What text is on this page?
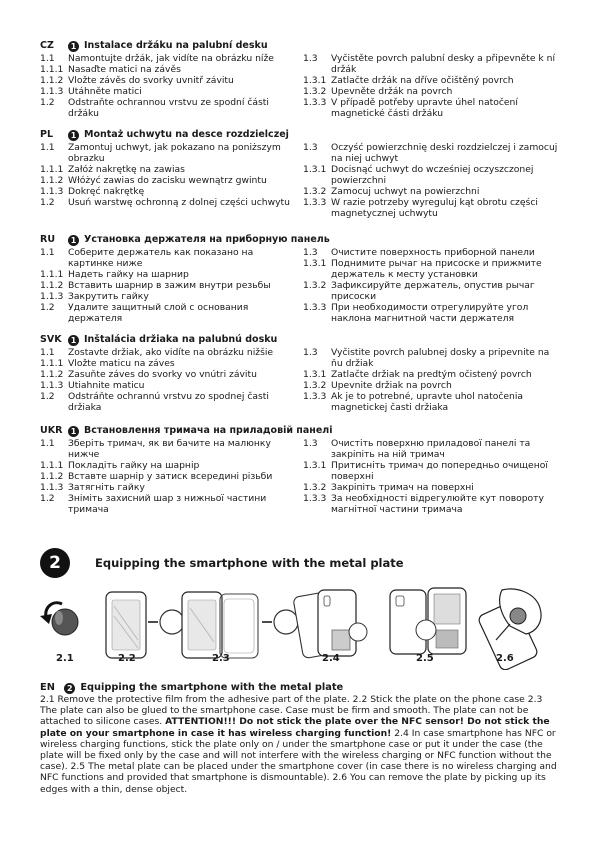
CZ	1 Instalace držáku na palubní desku
1.1	Namontujte držák, jak vidíte na obrázku níže
1.1.1 Nasaďte matici na závěs
1.1.2 Vložte závěs do svorky uvnitř závitu
1.1.3 Utáhněte matici
1.2	Odstraňte ochrannou vrstvu ze spodní části držáku
1.3	Vyčistěte povrch palubní desky a připevněte k ní držák
1.3.1 Zatlačte držák na dříve očištěný povrch
1.3.2 Upevněte držák na povrch
1.3.3 V případě potřeby upravte úhel natočení magnetické části držáku
PL	1 Montaż uchwytu na desce rozdzielczej
1.1	Zamontuj uchwyt, jak pokazano na poniższym obrazku
1.1.1 Załóż nakrętkę na zawias
1.1.2 Włóżyć zawias do zacisku wewnątrz gwintu
1.1.3 Dokręć nakrętkę
1.2	Usuń warstwę ochronną z dolnej części uchwytu
1.3	Oczyść powierzchnię deski rozdzielczej i zamocuj na niej uchwyt
1.3.1 Docisnąć uchwyt do wcześniej oczyszczonej powierzchni
1.3.2 Zamocuj uchwyt na powierzchni
1.3.3 W razie potrzeby wyreguluj kąt obrotu części magnetycznej uchwytu
RU	1 Установка держателя на приборную панель
1.1	Соберите держатель как показано на картинке ниже
1.1.1 Надеть гайку на шарнир
1.1.2 Вставить шарнир в зажим внутри резьбы
1.1.3 Закрутить гайку
1.2	Удалите защитный слой с основания держателя
1.3	Очистите поверхность приборной панели
1.3.1 Поднимите рычаг на присоске и прижмите держатель к месту установки
1.3.2 Зафиксируйте держатель, опустив рычаг присоски
1.3.3 При необходимости отрегулируйте угол наклона магнитной части держателя
SVK	1 Inštalácia držiaka na palubnú dosku
1.1	Zostavte držiak, ako vidíte na obrázku nižšie
1.1.1 Vložte maticu na záves
1.1.2 Zasuňte záves do svorky vo vnútri závitu
1.1.3 Utiahnite maticu
1.2	Odstráňte ochrannú vrstvu zo spodnej časti držiaka
1.3	Vyčistite povrch palubnej dosky a pripevnite na ňu držiak
1.3.1 Zatlačte držiak na predtým očistený povrch
1.3.2 Upevnite držiak na povrch
1.3.3 Ak je to potrebné, upravte uhol natočenia magnetickej časti držiaka
UKR	1 Встановлення тримача на приладовій панелі
1.1	Зберіть тримач, як ви бачите на малюнку нижче
1.1.1 Покладіть гайку на шарнір
1.1.2 Вставте шарнір у затиск всередині різьби
1.1.3 Затягніть гайку
1.2	Зніміть захисний шар з нижньої частини тримача
1.3	Очистіть поверхню приладової панелі та закріпіть на ній тримач
1.3.1 Притисніть тримач до попередньо очищеної поверхні
1.3.2 Закріпіть тримач на поверхні
1.3.3 За необхідності відрегулюйте кут повороту магнітної частини тримача
2	Equipping the smartphone with the metal plate
2.1	2.2	2.3	2.4	2.5	2.6
EN 2 Equipping the smartphone with the metal plate

2.1 Remove the protective film from the adhesive part of the plate. 2.2 Stick the plate on the phone case 2.3 The plate can also be glued to the smartphone case. Case must be firm and smooth. The plate can not be attached to silicone cases. ATTENTION!!! Do not stick the plate over the NFC sensor! Do not stick the plate on your smartphone in case it has wireless charging function! 2.4 In case smartphone has NFC or wireless charging functions, stick the plate only on / under the smartphone case or put it under the case (the plate will be fixed only by the case and will not interfere with the wireless charging or NFC function without the case). 2.5 The metal plate can be placed under the smartphone cover (in case there is no wireless charging and NFC functions and provided that smartphone is dismountable). 2.6 You can remove the plate by picking up its edges with a thin, dense object.
